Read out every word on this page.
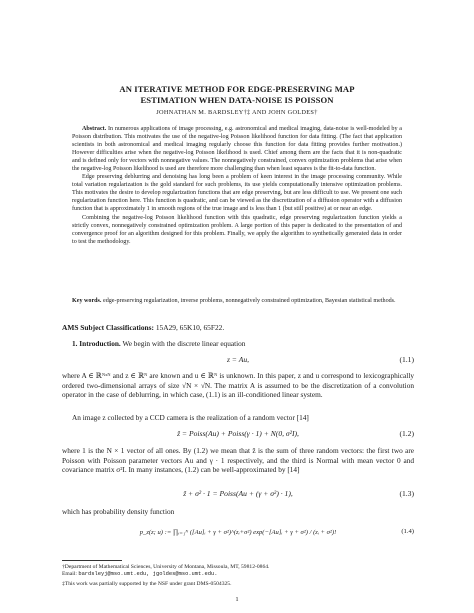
AN ITERATIVE METHOD FOR EDGE-PRESERVING MAP
ESTIMATION WHEN DATA-NOISE IS POISSON
JOHNATHAN M. BARDSLEY†‡ AND JOHN GOLDES†

Abstract. In numerous applications of image processing, e.g. astronomical and medical imaging, data-noise is well-modeled by a Poisson distribution. This motivates the use of the negative-log Poisson likelihood function for data fitting. (The fact that application scientists in both astronomical and medical imaging regularly choose this function for data fitting provides further motivation.) However difficulties arise when the negative-log Poisson likelihood is used. Chief among them are the facts that it is non-quadratic and is defined only for vectors with nonnegative values. The nonnegatively constrained, convex optimization problems that arise when the negative-log Poisson likelihood is used are therefore more challenging than when least squares is the fit-to-data function.

Edge preserving deblurring and denoising has long been a problem of keen interest in the image processing community. While total variation regularization is the gold standard for such problems, its use yields computationally intensive optimization problems. This motivates the desire to develop regularization functions that are edge preserving, but are less difficult to use. We present one such regularization function here. This function is quadratic, and can be viewed as the discretization of a diffusion operator with a diffusion function that is approximately 1 in smooth regions of the true image and is less than 1 (but still positive) at or near an edge.

Combining the negative-log Poisson likelihood function with this quadratic, edge preserving regularization function yields a strictly convex, nonnegatively constrained optimization problem. A large portion of this paper is dedicated to the presentation of and convergence proof for an algorithm designed for this problem. Finally, we apply the algorithm to synthetically generated data in order to test the methodology.

Key words. edge-preserving regularization, inverse problems, nonnegatively constrained optimization, Bayesian statistical methods.
AMS Subject Classifications: 15A29, 65K10, 65F22.
1. Introduction. We begin with the discrete linear equation
z = Au,	(1.1)
where A ∈ ℝᴺˣᴺ and z ∈ ℝᴺ are known and u ∈ ℝᴺ is unknown. In this paper, z and u correspond to lexicographically ordered two-dimensional arrays of size √N × √N. The matrix A is assumed to be the discretization of a convolution operator in the case of deblurring, in which case, (1.1) is an ill-conditioned linear system.
An image z collected by a CCD camera is the realization of a random vector [14]
ẑ = Poiss(Au) + Poiss(γ · 1) + N(0, σ²I),	(1.2)
where 1 is the N × 1 vector of all ones. By (1.2) we mean that ẑ is the sum of three random vectors: the first two are Poisson with Poisson parameter vectors Au and γ · 1 respectively, and the third is Normal with mean vector 0 and covariance matrix σ²I. In many instances, (1.2) can be well-approximated by [14]
ẑ + σ² · 1 = Poiss(Au + (γ + σ²) · 1),	(1.3)
which has probability density function
p_z(z; u) := ∏ᵢ₌₁ᴺ ([Au]ᵢ + γ + σ²)^(zᵢ+σ²) exp(−[Au]ᵢ + γ + σ²) / (zᵢ + σ²)!	(1.4)
†Department of Mathematical Sciences, University of Montana, Missoula, MT, 59812-0864.
Email: bardsleyj@mso.umt.edu, jgoldes@mso.umt.edu.
‡This work was partially supported by the NSF under grant DMS-0504325.
1
